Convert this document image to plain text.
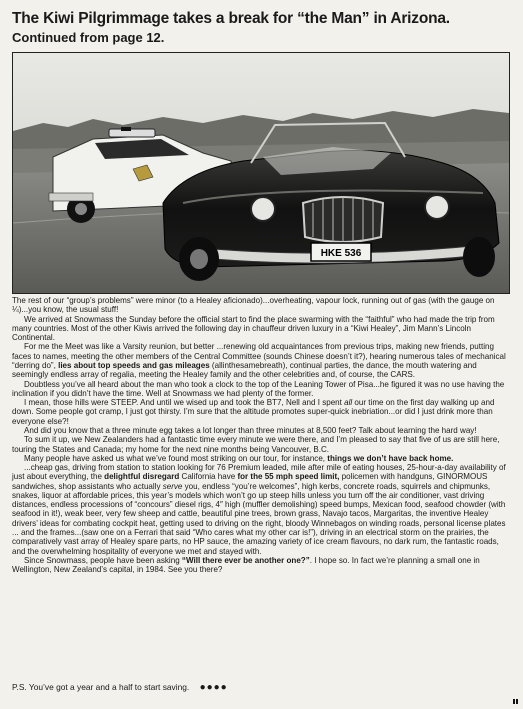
The Kiwi Pilgrimmage takes a break for “the Man” in Arizona.
Continued from page 12.
HKE 536

The rest of our “group’s problems” were minor (to a Healey aficionado)...overheating, vapour lock, running out of gas (with the gauge on ¼)...you know, the usual stuff!

We arrived at Snowmass the Sunday before the official start to find the place swarming with the “faithful” who had made the trip from many countries. Most of the other Kiwis arrived the following day in chauffeur driven luxury in a “Kiwi Healey”, Jim Mann’s Lincoln Continental.

For me the Meet was like a Varsity reunion, but better ...renewing old acquaintances from previous trips, making new friends, putting faces to names, meeting the other members of the Central Committee (sounds Chinese doesn’t it?), hearing numerous tales of mechanical “derring do”, lies about top speeds and gas mileages (allinthesamebreath), continual parties, the dance, the mouth watering and seemingly endless array of regalia, meeting the Healey family and the other celebrities and, of course, the CARS.

Doubtless you’ve all heard about the man who took a clock to the top of the Leaning Tower of Pisa...he figured it was no use having the inclination if you didn’t have the time. Well at Snowmass we had plenty of the former.

I mean, those hills were STEEP. And until we wised up and took the BT7, Nell and I spent all our time on the first day walking up and down. Some people got cramp, I just got thirsty. I’m sure that the altitude promotes super-quick inebriation...or did I just drink more than everyone else?!

And did you know that a three minute egg takes a lot longer than three minutes at 8,500 feet? Talk about learning the hard way!

To sum it up, we New Zealanders had a fantastic time every minute we were there, and I’m pleased to say that five of us are still here, touring the States and Canada; my home for the next nine months being Vancouver, B.C.

Many people have asked us what we’ve found most striking on our tour, for instance, things we don’t have back home.

...cheap gas, driving from station to station looking for 76 Premium leaded, mile after mile of eating houses, 25-hour-a-day availability of just about everything, the delightful disregard California have for the 55 mph speed limit, policemen with handguns, GINORMOUS sandwiches, shop assistants who actually serve you, endless “you’re welcomes”, high kerbs, concrete roads, squirrels and chipmunks, snakes, liquor at affordable prices, this year’s models which won’t go up steep hills unless you turn off the air conditioner, vast driving distances, endless processions of “concours” diesel rigs, 4″ high (muffler demolishing) speed bumps, Mexican food, seafood chowder (with seafood in it!), weak beer, very few sheep and cattle, beautiful pine trees, brown grass, Navajo tacos, Margaritas, the inventive Healey drivers’ ideas for combating cockpit heat, getting used to driving on the right, bloody Winnebagos on winding roads, personal license plates ... and the frames...(saw one on a Ferrari that said “Who cares what my other car is!”), driving in an electrical storm on the prairies, the comparatively vast array of Healey spare parts, no HP sauce, the amazing variety of ice cream flavours, no dark rum, the fantastic roads, and the overwhelming hospitality of everyone we met and stayed with.

Since Snowmass, people have been asking “Will there ever be another one?”. I hope so. In fact we’re planning a small one in Wellington, New Zealand’s capital, in 1984. See you there?

P.S. You’ve got a year and a half to start saving. ●●●●
